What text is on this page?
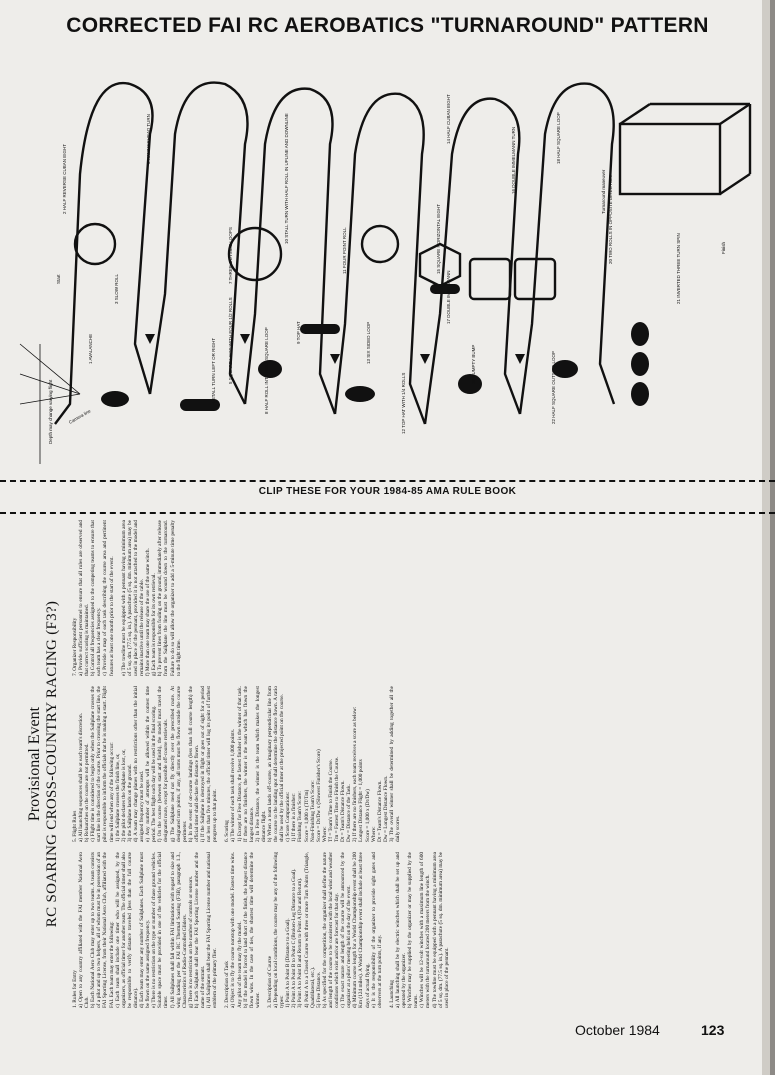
CORRECTED FAI RC AEROBATICS "TURNAROUND" PATTERN
1 AVALANCHE
2 HALF REVERSE CUBAN EIGHT
3 SLOW ROLL
4 STALL TURN LEFT OR RIGHT	5 SQUARE LOOP WITH FOUR 1/2 ROLLS
6 HAMMERHEAD TURN
7 THREE OUTSIDE LOOPS
8 HALF ROLL INTO HALF SQUARE LOOP	9 TOP HAT
10 STALL TURN WITH HALF ROLL IN UPLINE AND DOWNLINE
11 FOUR POINT ROLL
12 TOP HAT WITH 1/4 ROLLS
13 SIX SIDED LOOP
14 HALF CUBAN EIGHT
15 SQUARE HORIZONTAL EIGHT
16 DOUBLE IMMELMANN TURN
17 DOUBLE IMMELMANN
18 HALF SQUARE LOOP
19 HUMPTY BUMP
20 TWO ROLLS IN OPPOSITE DIRECTION
21 INVERTED THREE TURN SPIN
22 HALF SQUARE OUTSIDE LOOP
Finish
Start
Camera line
Depth may change varying flight
Turnaround maneuver
CLIP THESE FOR YOUR 1984-85 AMA RULE BOOK
Provisional Event RC SOARING CROSS-COUNTRY RACING (F3?)
1. Rules for Entry
a) Open to any country affiliated with the FAI member National Aero Club.
b) Each National Aero Club may enter up to two teams. A team consists of a pilot and up to two helpers, all of whom must be in possession of an FAI Sporting License, from their National Aero Club, affiliated with the FAI. Each team may enter the following:
c) Each team shall include one timer who will be assigned, by the organizers, as official timer for another team. The official timer shall also be responsible to verify distance traveled (less than the full course distance).
d) Each team may enter any number of Sailplanes. Each Sailplane must be flown on the same assigned frequency.
e) There is no restriction on the type or number of chase ground vehicles. Suitable space must be provided in one of the vehicles for the official timer.
f) All Sailplanes shall fall within FAI limitations with regard to size and wing loading per the FAI RC Thermal Soaring (F3B), paragraph 1.3., Characteristics of Radio-Controlled Gliders.
g) There is no restriction on the number of controls or sensors.
h) Each Sailplane shall bear the FAI Sporting License number and the name of the entrant.
i) All Sailplanes shall bear the FAI Sporting License number and national emblem of the primary flier.

2. Description of Task
a) Object is to fly the course nonstop with one model. Fastest time wins. Any pilot of the team may fly the model.
b) If the model is forced to land short of the finish, the longest distance flown wins. In the case of ties, the shortest time will determine the winner.

3. Description of Course
a) Depending on local conditions, the course may be any of the following types:
1) Point A to Point B (Distance to a Goal).
2) Point A to Point B to Point C (Broken-Leg Distance to a Goal).
3) Point A to Point B and Return to Point A (Out and Return).
4) Point A to a Closed Course with three or more Turn Points (Triangle, Quadrilateral, etc.).
5) Free Distance.
b) As specified for the competition, the organizer shall define the nature and length of the course to be consistent with the local wind and weather conditions which exist and/or are forecast for that day.
c) The exact nature and length of the course will be announced by the organizer at a pilots' meeting held on the day of the event.
d) Minimum course length for a World Championship event shall be 200 Km (124 miles). A World Championship event shall include at least three days of actual flying.
e) It is the responsibility of the organizer to provide sight gates and observers at the turn points, if any.

4. Launching
a) All launching shall be by electric winches which shall be set up and operated by the organizer.
b) Winches may be supplied by the organizer or may be supplied by the teams.
c) Winches will be 12-volt winches with a maximum line length of 600 meters with the turnaround located 200 meters from the winch.
d) The towline must be equipped with a pennant having a minimum area of 5 sq. dm. (77.5 sq. in.). A parachute (5 sq. dm. minimum area) may be used in place of the pennant.
5. Flight Rules
a) All launching sequences shall be at each team's discretion.
b) Relaunches on the course are not permitted.
c) Flight time is considered to begin only when the Sailplane crosses the start line in the direction of the course. Prior to crossing the start line, the pilot is responsible to inform the officials that he is making a start. Flight time will end when any of the following occur:
1) the Sailplane crosses the finish line, or,
2) the pilot declares the Sailplane is lost, or,
3) the Sailplane lands on the ground.
d) A team may change planes with no restrictions other than the initial assigned frequency must be used.
e) Any number of attempts will be allowed within the contest time period. The best flight each day will be used in the final scoring.
f) On the course (between start and finish), the model must travel the designated route, except for possible off-course retrievals.
g) The Sailplane need not fly directly over the prescribed route. At designated turn points, if any, all turns must be flown outside the course perimeter.
h) In the event of on-course landings (less than full course length) the official timer shall declare the distance flown.
i) If the Sailplane is destroyed in flight or goes out of sight for a period not less than five minutes, the official timer will log its point of furthest progress up to that point.

6. Scoring
a) The winner of each task shall receive 1,000 points.
1) Except for Free Distance, the fastest finisher is the winner of that task. If there are no finishers, the winner is the team which has flown the longest distance.
2) In Free Distance, the winner is the team which makes the longest distance flight.
b) When a team lands off-course, an imaginary perpendicular line from the course to the landing spot shall determine the distance flown. A ratio shall be used by the official timer at the projected point on the course.
c) Score Computations:
1) If there is a finisher:
Finishing Team's Score:
Score = 1,000 x (Tf/Tm)
Non-Finishing Team's Score:
Score = Dt/Dw x (Slowest Finisher's Score)
Where:
Tf = Team's Time to Finish the Course.
Tm = Fastest Time to Finish the Course.
Dt = Team's Distance Flown.
Dw = Distance of the Task.
2) If there are no finishers, each team receives a score as below:
Longest Distance Flight = 1,000 points
Score = 1,000 x (Dt/Dw)
Where:
Dt = Team's Distance Flown.
Dw = Longest Distance Flown.
3) The overall winner shall be determined by adding together all the daily scores.
7. Organizer Responsibility
a) Provide sufficient personnel to ensure that all rules are observed and that correct scoring is maintained.
b) Control all frequencies assigned to the competing teams to ensure that each team has a clear frequency.
c) Provide a map of each task describing the course area and pertinent features at least one month prior to the start of the event.

e) The towline must be equipped with a pennant having a minimum area of 5 sq. dm. (77.5 sq. in.). A parachute (5 sq. dm. minimum area) may be used in place of the pennant, provided it is not attached to the model and remains inactive until the release of the cable.
f) More than one team may share the use of the same winch.
g) Each team is responsible for its own retrieval.
h) To prevent lines from fouling on the ground, immediately after release from the Sailplane the line must be wound down to the turnaround. Failure to do so will allow the organizer to add a 5-minute time penalty to the flight time.
October 1984	123
